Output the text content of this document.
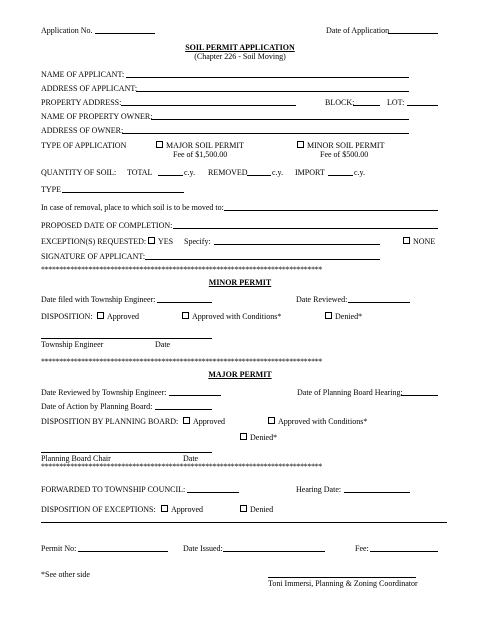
Application No.	Date of Application
SOIL PERMIT APPLICATION
(Chapter 226 - Soil Moving)
NAME OF APPLICANT:
ADDRESS OF APPLICANT:
PROPERTY ADDRESS:	BLOCK:	LOT:
NAME OF PROPERTY OWNER:
ADDRESS OF OWNER:
TYPE OF APPLICATION	MAJOR SOIL PERMIT
Fee of $1,500.00
MINOR SOIL PERMIT
Fee of $500.00
QUANTITY OF SOIL: TOTAL	c.y. REMOVED	c.y. IMPORT	c.y.
TYPE
In case of removal, place to which soil is to be moved to:
PROPOSED DATE OF COMPLETION:
EXCEPTION(S) REQUESTED:	YES Specify:	NONE
SIGNATURE OF APPLICANT:
*****************************************************************************
MINOR PERMIT
Date filed with Township Engineer:	Date Reviewed:
DISPOSITION:	Approved	Approved with Conditions*	Denied*
Township Engineer	Date
*****************************************************************************
MAJOR PERMIT
Date Reviewed by Township Engineer:	Date of Planning Board Hearing:
Date of Action by Planning Board:
DISPOSITION BY PLANNING BOARD:	Approved	Approved with Conditions*
Denied*
Planning Board Chair	Date
*****************************************************************************
FORWARDED TO TOWNSHIP COUNCIL:	Hearing Date:
DISPOSITION OF EXCEPTIONS:	Approved	Denied
Permit No:	Date Issued:	Fee:
*See other side
Toni Immersi, Planning & Zoning Coordinator
